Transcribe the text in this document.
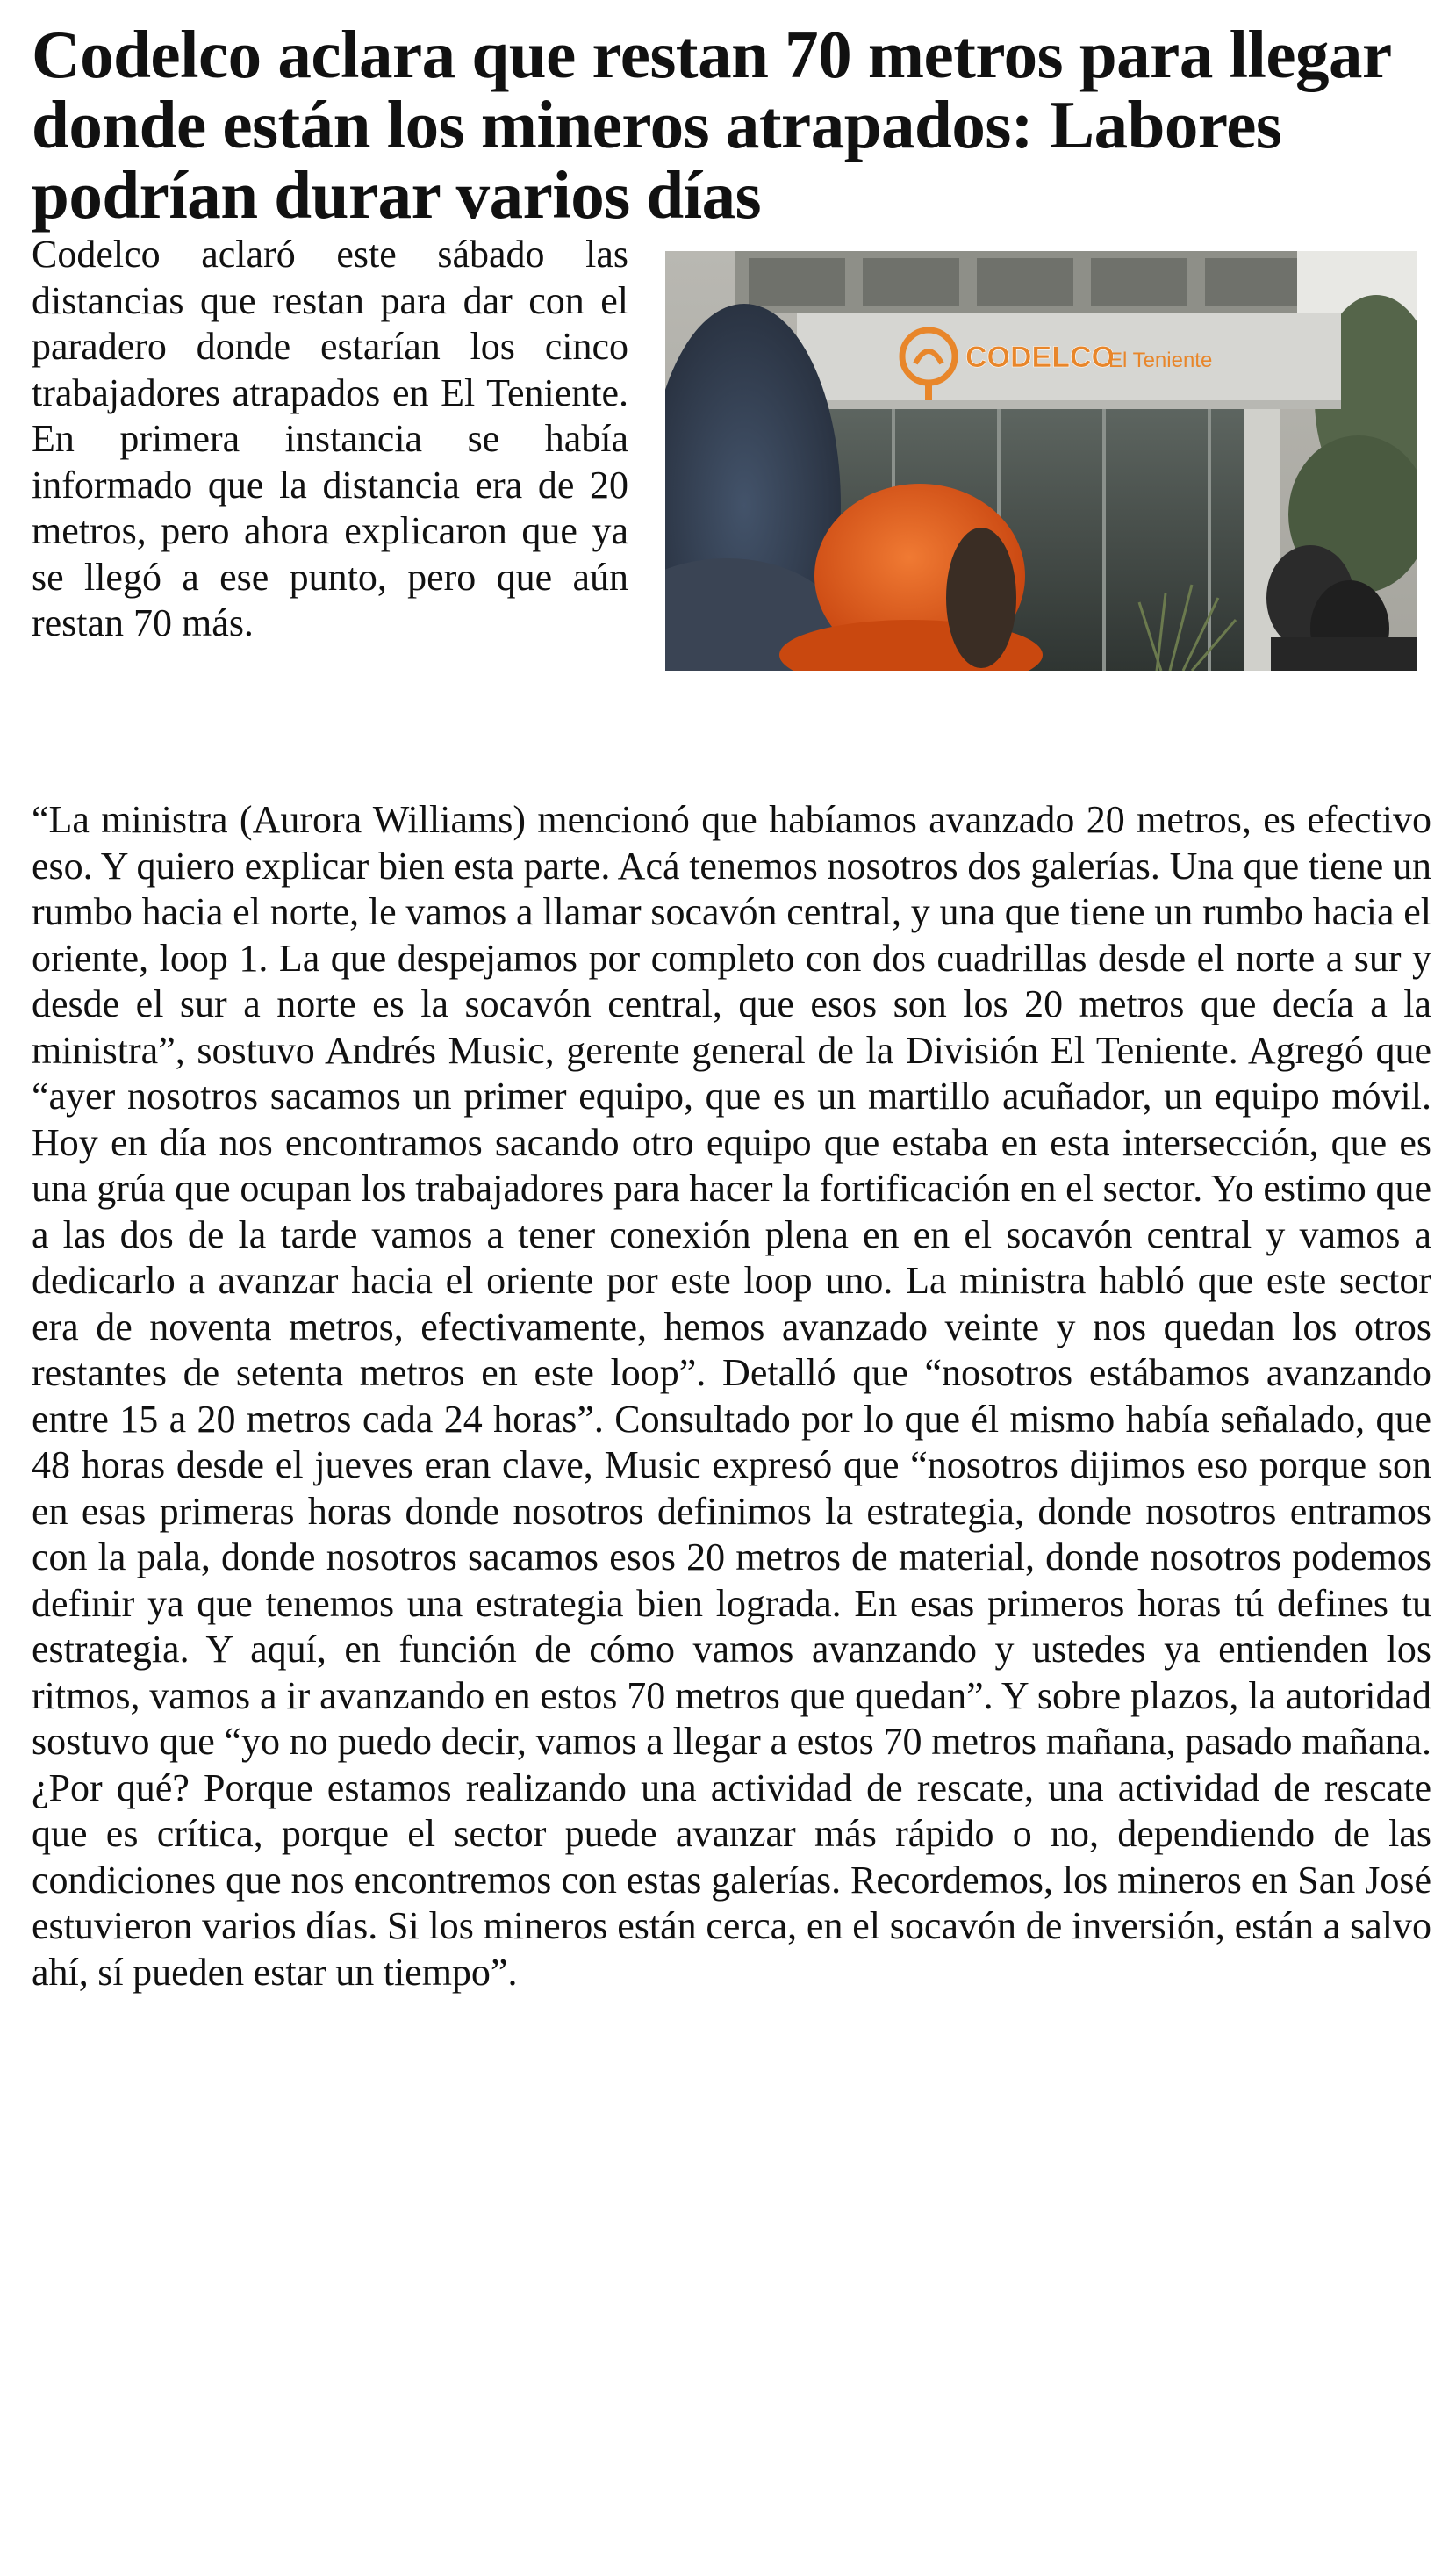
Codelco aclara que restan 70 metros para llegar donde están los mineros atrapados: Labores podrían durar varios días

Codelco aclaró este sábado las distancias que restan para dar con el paradero donde estarían los cinco trabajadores atrapados en El Teniente. En primera instancia se había informado que la distancia era de 20 metros, pero ahora explicaron que ya se llegó a ese punto, pero que aún restan 70 más.

CODELCO
El Teniente

“La ministra (Aurora Williams) mencionó que habíamos avanzado 20 metros, es efectivo eso. Y quiero explicar bien esta parte. Acá tenemos nosotros dos galerías. Una que tiene un rumbo hacia el norte, le vamos a llamar socavón central, y una que tiene un rumbo hacia el oriente, loop 1. La que despejamos por completo con dos cuadrillas desde el norte a sur y desde el sur a norte es la socavón central, que esos son los 20 metros que decía a la ministra”, sostuvo Andrés Music, gerente general de la División El Teniente. Agregó que “ayer nosotros sacamos un primer equipo, que es un martillo acuñador, un equipo móvil. Hoy en día nos encontramos sacando otro equipo que estaba en esta intersección, que es una grúa que ocupan los trabajadores para hacer la fortificación en el sector. Yo estimo que a las dos de la tarde vamos a tener conexión plena en en el socavón central y vamos a dedicarlo a avanzar hacia el oriente por este loop uno. La ministra habló que este sector era de noventa metros, efectivamente, hemos avanzado veinte y nos quedan los otros restantes de setenta metros en este loop”. Detalló que “nosotros estábamos avanzando entre 15 a 20 metros cada 24 horas”. Consultado por lo que él mismo había señalado, que 48 horas desde el jueves eran clave, Music expresó que “nosotros dijimos eso porque son en esas primeras horas donde nosotros definimos la estrategia, donde nosotros entramos con la pala, donde nosotros sacamos esos 20 metros de material, donde nosotros podemos definir ya que tenemos una estrategia bien lograda. En esas primeros horas tú defines tu estrategia. Y aquí, en función de cómo vamos avanzando y ustedes ya entienden los ritmos, vamos a ir avanzando en estos 70 metros que quedan”. Y sobre plazos, la autoridad sostuvo que “yo no puedo decir, vamos a llegar a estos 70 metros mañana, pasado mañana. ¿Por qué? Porque estamos realizando una actividad de rescate, una actividad de rescate que es crítica, porque el sector puede avanzar más rápido o no, dependiendo de las condiciones que nos encontremos con estas galerías. Recordemos, los mineros en San José estuvieron varios días. Si los mineros están cerca, en el socavón de inversión, están a salvo ahí, sí pueden estar un tiempo”.
